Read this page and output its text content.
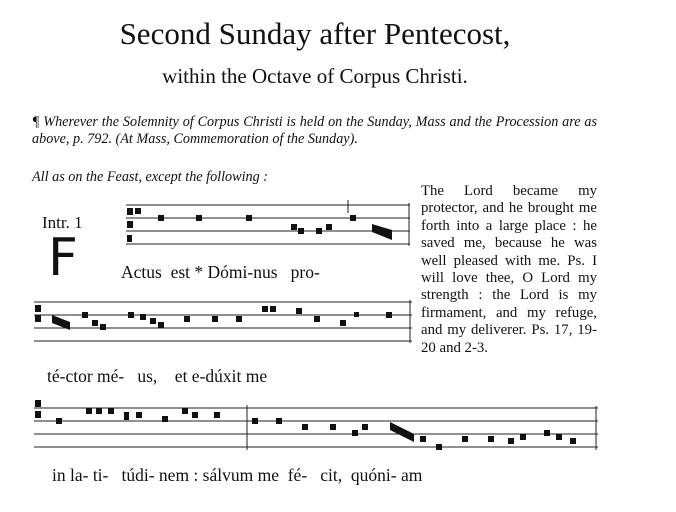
Second Sunday after Pentecost,
within the Octave of Corpus Christi.
¶ Wherever the Solemnity of Corpus Christi is held on the Sunday, Mass and the Procession are as above, p. 792. (At Mass, Commemoration of the Sunday).
All as on the Feast, except the following :
Intr. 1
F
The Lord became my protector, and he brought me forth into a large place : he saved me, because he was well pleased with me. Ps. I will love thee, O Lord my strength : the Lord is my firmament, and my refuge, and my deliverer. Ps. 17, 19-20 and 2-3.
Actus  est * Dómi-nus   pro-
té-ctor mé-   us,    et e-dúxit me
in la- ti-   túdi- nem : sálvum me  fé-   cit,  quóni- am
